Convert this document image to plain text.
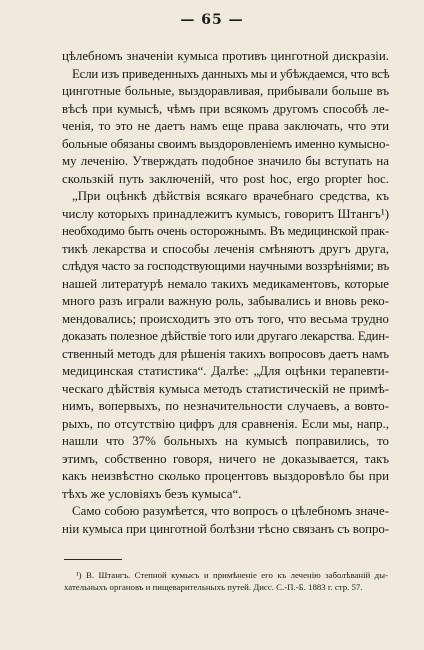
— 65 —
цѣлебномъ значеніи кумыса противъ цинготной дискразіи.
Если изъ приведенныхъ данныхъ мы и убѣждаемся, что всѣ
цинготные больные, выздоравливая, прибывали больше въ
вѣсѣ при кумысѣ, чѣмъ при всякомъ другомъ способѣ ле-
ченія, то это не даетъ намъ еще права заключать, что эти
больные обязаны своимъ выздоровленіемъ именно кумысно-
му леченію. Утверждать подобное значило бы вступать на
скользкій путь заключеній, что post hoc, ergo propter hoc.
„При оцѣнкѣ дѣйствія всякаго врачебнаго средства, къ
числу которыхъ принадлежитъ кумысъ, говоритъ Штангъ¹)
необходимо быть очень осторожнымъ. Въ медицинской прак-
тикѣ лекарства и способы леченія смѣняютъ другъ друга,
слѣдуя часто за господствующими научными воззрѣніями; въ
нашей литературѣ немало такихъ медикаментовъ, которые
много разъ играли важную роль, забывались и вновь реко-
мендовались; происходитъ это отъ того, что весьма трудно
доказать полезное дѣйствіе того или другаго лекарства. Един-
ственный методъ для рѣшенія такихъ вопросовъ даетъ намъ
медицинская статистика“. Далѣе: „Для оцѣнки терапевти-
ческаго дѣйствія кумыса методъ статистическій не примѣ-
нимъ, вопервыхъ, по незначительности случаевъ, а вовто-
рыхъ, по отсутствію цифръ для сравненія. Если мы, напр.,
нашли что 37% больныхъ на кумысѣ поправились, то
этимъ, собственно говоря, ничего не доказывается, такъ
какъ неизвѣстно сколько процентовъ выздоровѣло бы при
тѣхъ же условіяхъ безъ кумыса“.
Само собою разумѣется, что вопросъ о цѣлебномъ значе-
ніи кумыса при цинготной болѣзни тѣсно связанъ съ вопро-
¹) В. Штангъ. Степной кумысъ и примѣненіе его къ леченію заболѣваній ды-
хательныхъ органовъ и пищеварительныхъ путей. Дисс. С.-П.-Б. 1883 г. стр. 57.
